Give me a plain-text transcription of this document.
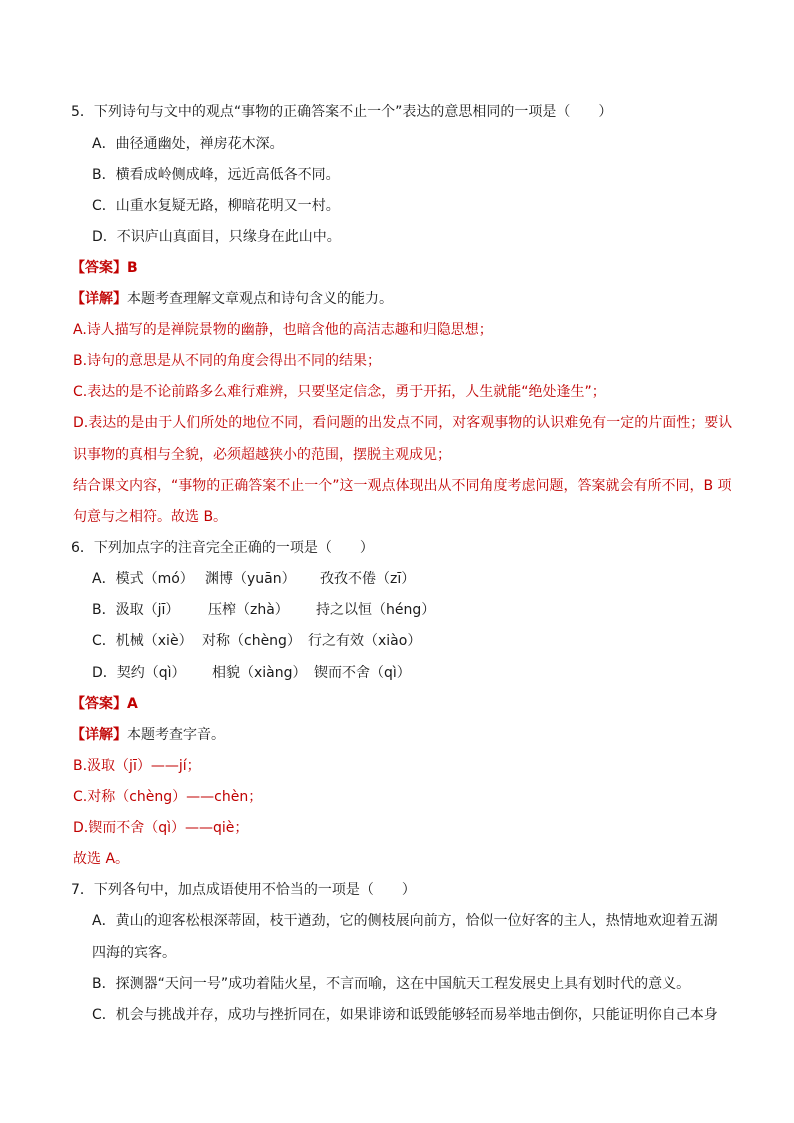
5．下列诗句与文中的观点“事物的正确答案不止一个”表达的意思相同的一项是（　　）
A．曲径通幽处，禅房花木深。
B．横看成岭侧成峰，远近高低各不同。
C．山重水复疑无路，柳暗花明又一村。
D．不识庐山真面目，只缘身在此山中。
【答案】B
【详解】本题考查理解文章观点和诗句含义的能力。
A.诗人描写的是禅院景物的幽静，也暗含他的高洁志趣和归隐思想；
B.诗句的意思是从不同的角度会得出不同的结果；
C.表达的是不论前路多么难行难辨，只要坚定信念，勇于开拓，人生就能“绝处逢生”；
D.表达的是由于人们所处的地位不同，看问题的出发点不同，对客观事物的认识难免有一定的片面性；要认
识事物的真相与全貌，必须超越狭小的范围，摆脱主观成见；
结合课文内容，“事物的正确答案不止一个”这一观点体现出从不同角度考虑问题，答案就会有所不同，B 项
句意与之相符。故选 B。
6．下列加点字的注音完全正确的一项是（　　）
A．模式（mó） 渊博（yuān） 孜孜不倦（zī）
B．汲取（jī） 压榨（zhà） 持之以恒（héng）
C．机械（xiè） 对称（chèng） 行之有效（xiào）
D．契约（qì） 相貌（xiàng） 锲而不舍（qì）
【答案】A
【详解】本题考查字音。
B.汲取（jī）——jí；
C.对称（chèng）——chèn；
D.锲而不舍（qì）——qiè；
故选 A。
7．下列各句中，加点成语使用不恰当的一项是（　　）
A．黄山的迎客松根深蒂固，枝干遒劲，它的侧枝展向前方，恰似一位好客的主人，热情地欢迎着五湖
四海的宾客。
B．探测器“天问一号”成功着陆火星，不言而喻，这在中国航天工程发展史上具有划时代的意义。
C．机会与挑战并存，成功与挫折同在，如果诽谤和诋毁能够轻而易举地击倒你，只能证明你自己本身
